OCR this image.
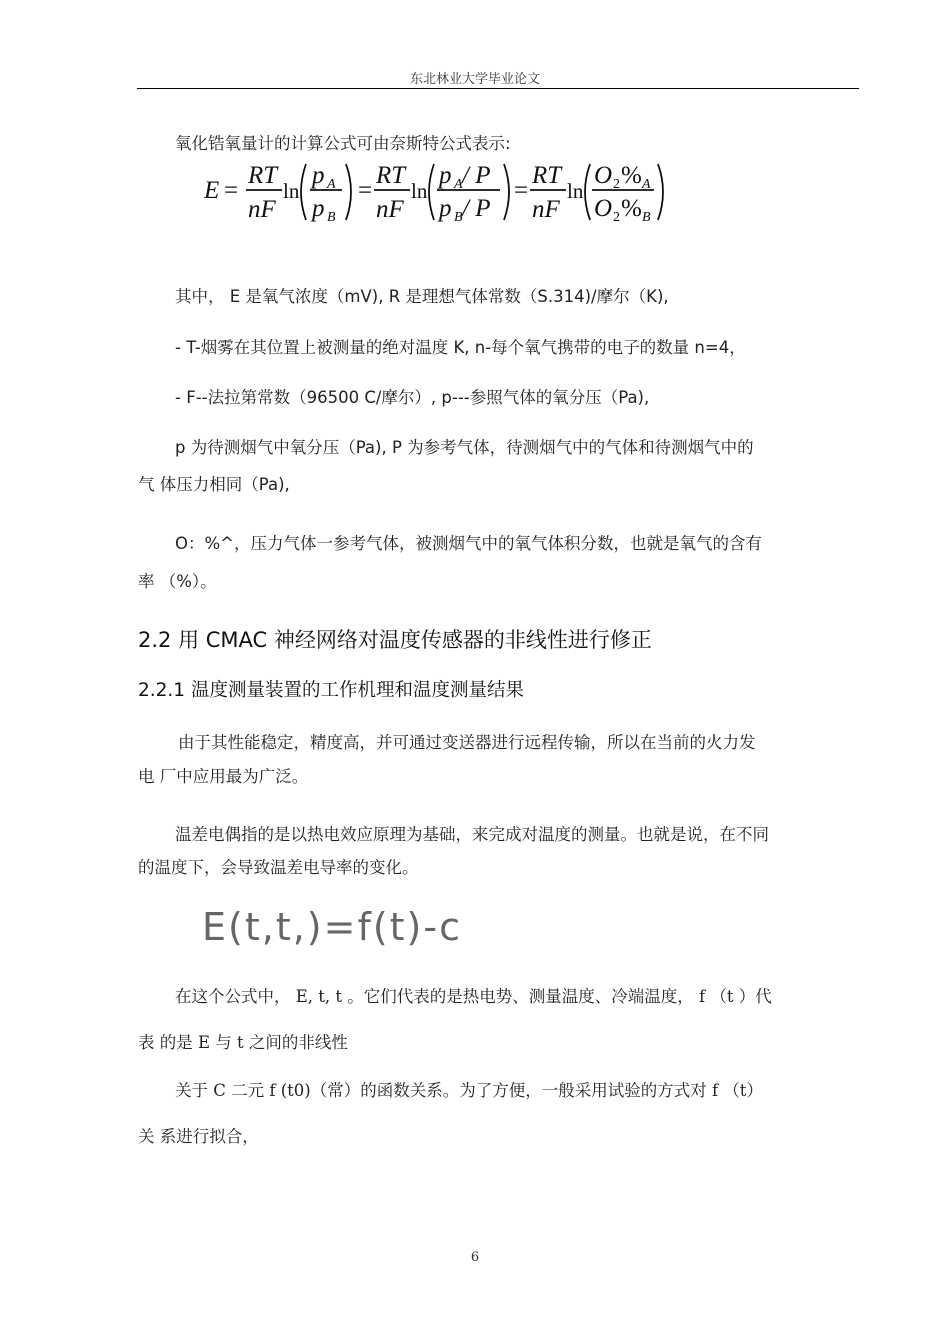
东北林业大学毕业论文
氧化锆氧量计的计算公式可由奈斯特公式表示:
E =
RT
nF
ln
p A
p B
=
RT
nF
ln
p A / P
p B / P
=
RT
nF
ln
O 2 % A
O 2 % B
其中， E 是氧气浓度（mV), R 是理想气体常数（S.314)/摩尔（K),
- T-烟雾在其位置上被测量的绝对温度 K, n-每个氧气携带的电子的数量 n=4，
- F--法拉第常数（96500 C/摩尔）, p---参照气体的氧分压（Pa),
p 为待测烟气中氧分压（Pa), P 为参考气体，待测烟气中的气体和待测烟气中的
气 体压力相同（Pa),
O：%^，压力气体一参考气体，被测烟气中的氧气体积分数，也就是氧气的含有
率 （%）。
2.2 用 CMAC 神经网络对温度传感器的非线性进行修正
2.2.1 温度测量装置的工作机理和温度测量结果
由于其性能稳定，精度高，并可通过变送器进行远程传输，所以在当前的火力发
电 厂中应用最为广泛。
温差电偶指的是以热电效应原理为基础，来完成对温度的测量。也就是说，在不同
的温度下，会导致温差电导率的变化。
E(t,t,)=f(t)-c
在这个公式中， E, t, t 。它们代表的是热电势、测量温度、冷端温度， f （t ）代
表 的是 E 与 t 之间的非线性
关于 C 二元 f (t0)（常）的函数关系。为了方便，一般采用试验的方式对 f （t）
关 系进行拟合，
6
